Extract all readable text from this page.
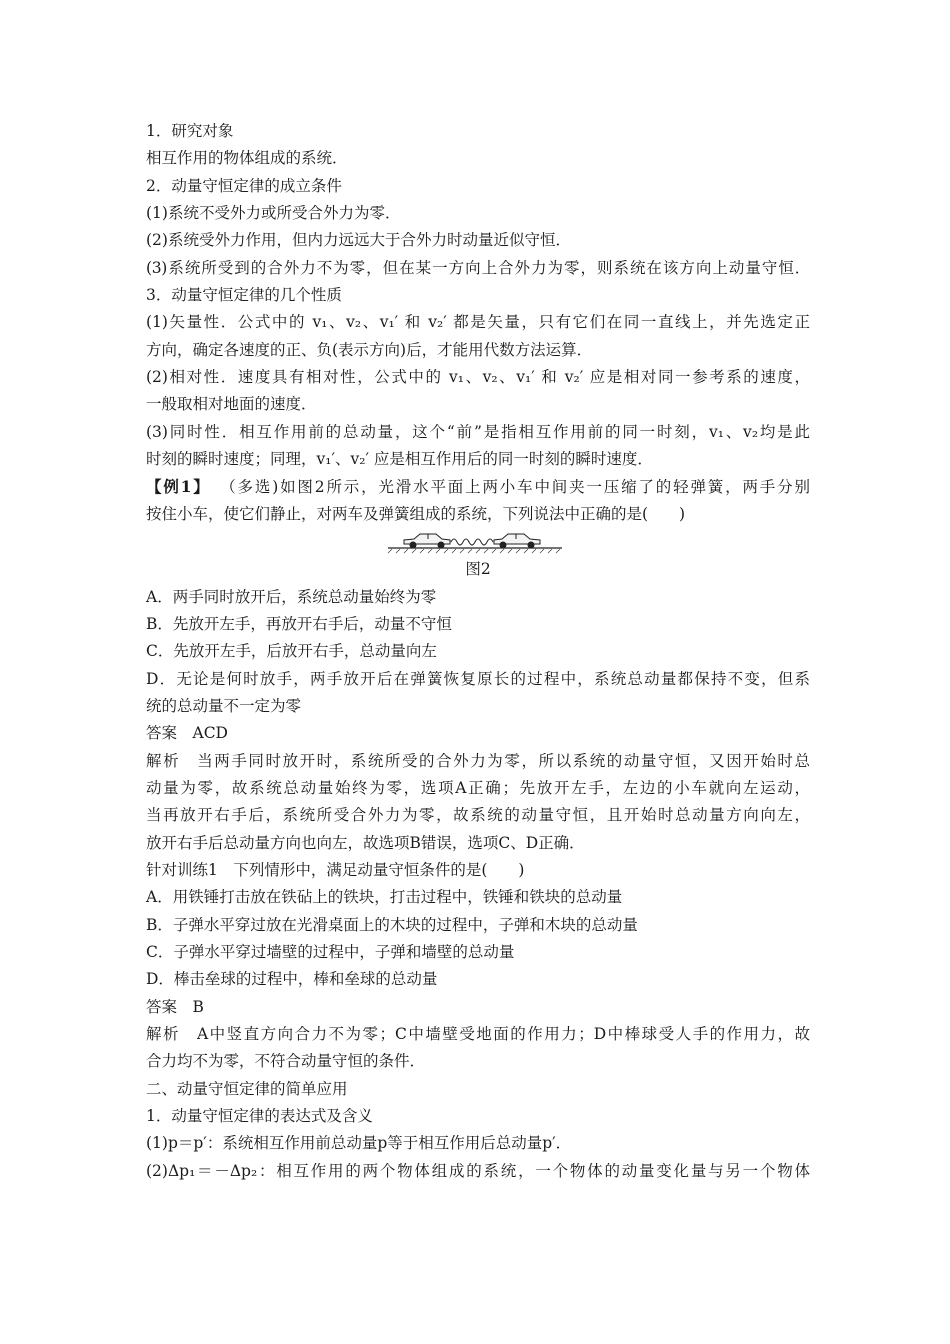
1．研究对象
相互作用的物体组成的系统．
2．动量守恒定律的成立条件
(1)系统不受外力或所受合外力为零．
(2)系统受外力作用，但内力远远大于合外力时动量近似守恒．
(3)系统所受到的合外力不为零，但在某一方向上合外力为零，则系统在该方向上动量守恒．
3．动量守恒定律的几个性质
(1)矢量性．公式中的 v₁、v₂、v₁′ 和 v₂′ 都是矢量，只有它们在同一直线上，并先选定正
方向，确定各速度的正、负(表示方向)后，才能用代数方法运算．
(2)相对性．速度具有相对性，公式中的 v₁、v₂、v₁′ 和 v₂′ 应是相对同一参考系的速度，
一般取相对地面的速度．
(3)同时性．相互作用前的总动量，这个“前”是指相互作用前的同一时刻，v₁、v₂均是此
时刻的瞬时速度；同理，v₁′、v₂′ 应是相互作用后的同一时刻的瞬时速度．
【例1】 （多选)如图2所示，光滑水平面上两小车中间夹一压缩了的轻弹簧，两手分别
按住小车，使它们静止，对两车及弹簧组成的系统，下列说法中正确的是(　　)
图2
A．两手同时放开后，系统总动量始终为零
B．先放开左手，再放开右手后，动量不守恒
C．先放开左手，后放开右手，总动量向左
D．无论是何时放手，两手放开后在弹簧恢复原长的过程中，系统总动量都保持不变，但系
统的总动量不一定为零
答案　ACD
解析　当两手同时放开时，系统所受的合外力为零，所以系统的动量守恒，又因开始时总
动量为零，故系统总动量始终为零，选项A正确；先放开左手，左边的小车就向左运动，
当再放开右手后，系统所受合外力为零，故系统的动量守恒，且开始时总动量方向向左，
放开右手后总动量方向也向左，故选项B错误，选项C、D正确．
针对训练1　下列情形中，满足动量守恒条件的是(　　)
A．用铁锤打击放在铁砧上的铁块，打击过程中，铁锤和铁块的总动量
B．子弹水平穿过放在光滑桌面上的木块的过程中，子弹和木块的总动量
C．子弹水平穿过墙壁的过程中，子弹和墙壁的总动量
D．棒击垒球的过程中，棒和垒球的总动量
答案　B
解析　A中竖直方向合力不为零；C中墙壁受地面的作用力；D中棒球受人手的作用力，故
合力均不为零，不符合动量守恒的条件．
二、动量守恒定律的简单应用
1．动量守恒定律的表达式及含义
(1)p＝p′：系统相互作用前总动量p等于相互作用后总动量p′．
(2)Δp₁＝－Δp₂：相互作用的两个物体组成的系统，一个物体的动量变化量与另一个物体
